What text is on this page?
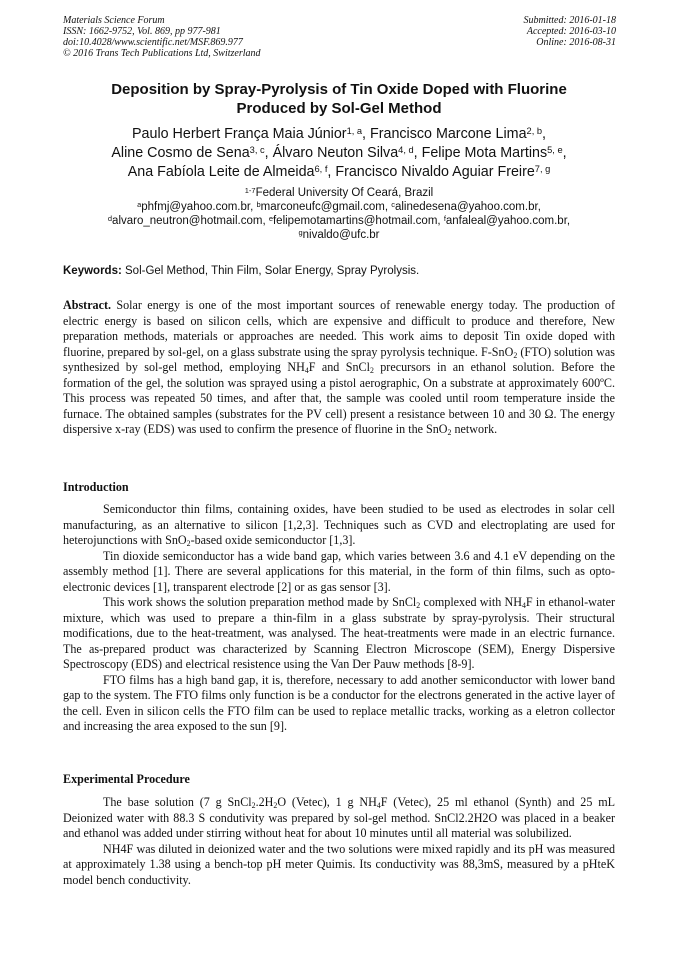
Materials Science Forum
ISSN: 1662-9752, Vol. 869, pp 977-981
doi:10.4028/www.scientific.net/MSF.869.977
© 2016 Trans Tech Publications Ltd, Switzerland
Submitted: 2016-01-18
Accepted: 2016-03-10
Online: 2016-08-31
Deposition by Spray-Pyrolysis of Tin Oxide Doped with Fluorine
Produced by Sol-Gel Method
Paulo Herbert França Maia Júnior$^{1, a}$, Francisco Marcone Lima$^{2, b}$,
Aline Cosmo de Sena$^{3, c}$, Álvaro Neuton Silva$^{4, d}$, Felipe Mota Martins$^{5, e}$,
Ana Fabíola Leite de Almeida$^{6, f}$, Francisco Nivaldo Aguiar Freire$^{7, g}$
$^{1-7}$Federal University Of Ceará, Brazil
$^a$phfmj@yahoo.com.br, $^b$marconeufc@gmail.com, $^c$alinedesena@yahoo.com.br,
$^d$alvaro_neutron@hotmail.com, $^e$felipemotamartins@hotmail.com, $^f$anfaleal@yahoo.com.br,
$^g$nivaldo@ufc.br
Keywords: Sol-Gel Method, Thin Film, Solar Energy, Spray Pyrolysis.
Abstract. Solar energy is one of the most important sources of renewable energy today. The production of electric energy is based on silicon cells, which are expensive and difficult to produce and therefore, New preparation methods, materials or approaches are needed. This work aims to deposit Tin oxide doped with fluorine, prepared by sol-gel, on a glass substrate using the spray pyrolysis technique. F-SnO$_2$ (FTO) solution was synthesized by sol-gel method, employing $NH_4F$ and SnCl$_2$ precursors in an ethanol solution. Before the formation of the gel, the solution was sprayed using a pistol aerographic, On a substrate at approximately 600ºC. This process was repeated 50 times, and after that, the sample was cooled until room temperature inside the furnace. The obtained samples (substrates for the PV cell) present a resistance between 10 and 30 Ω. The energy dispersive x-ray (EDS) was used to confirm the presence of fluorine in the SnO$_2$ network.
Introduction

Semiconductor thin films, containing oxides, have been studied to be used as electrodes in solar cell manufacturing, as an alternative to silicon [1,2,3]. Techniques such as CVD and electroplating are used for heterojunctions with SnO$_2$-based oxide semiconductor [1,3].

Tin dioxide semiconductor has a wide band gap, which varies between 3.6 and 4.1 eV depending on the assembly method [1]. There are several applications for this material, in the form of thin films, such as opto-electronic devices [1], transparent electrode [2] or as gas sensor [3].

This work shows the solution preparation method made by SnCl$_2$ complexed with $NH_4F$ in ethanol-water mixture, which was used to prepare a thin-film in a glass substrate by spray-pyrolysis. Their structural modifications, due to the heat-treatment, was analysed. The heat-treatments were made in an electric furnance. The as-prepared product was characterized by Scanning Electron Microscope (SEM), Energy Dispersive Spectroscopy (EDS) and electrical resistence using the Van Der Pauw methods [8-9].

FTO films has a high band gap, it is, therefore, necessary to add another semiconductor with lower band gap to the system. The FTO films only function is be a conductor for the electrons generated in the active layer of the cell. Even in silicon cells the FTO film can be used to replace metallic tracks, working as a eletron collector and increasing the area exposed to the sun [9].

Experimental Procedure

The base solution (7 g $SnCl_2.2H_2O$ (Vetec), 1 g $NH_4F$ (Vetec), 25 ml ethanol (Synth) and 25 mL Deionized water with 88.3 S condutivity was prepared by sol-gel method. SnCl2.2H2O was placed in a beaker and ethanol was added under stirring without heat for about 10 minutes until all material was solubilized.

NH4F was diluted in deionized water and the two solutions were mixed rapidly and its pH was measured at approximately 1.38 using a bench-top pH meter Quimis. Its conductivity was 88,3mS, measured by a pHteK model bench conductivity.
